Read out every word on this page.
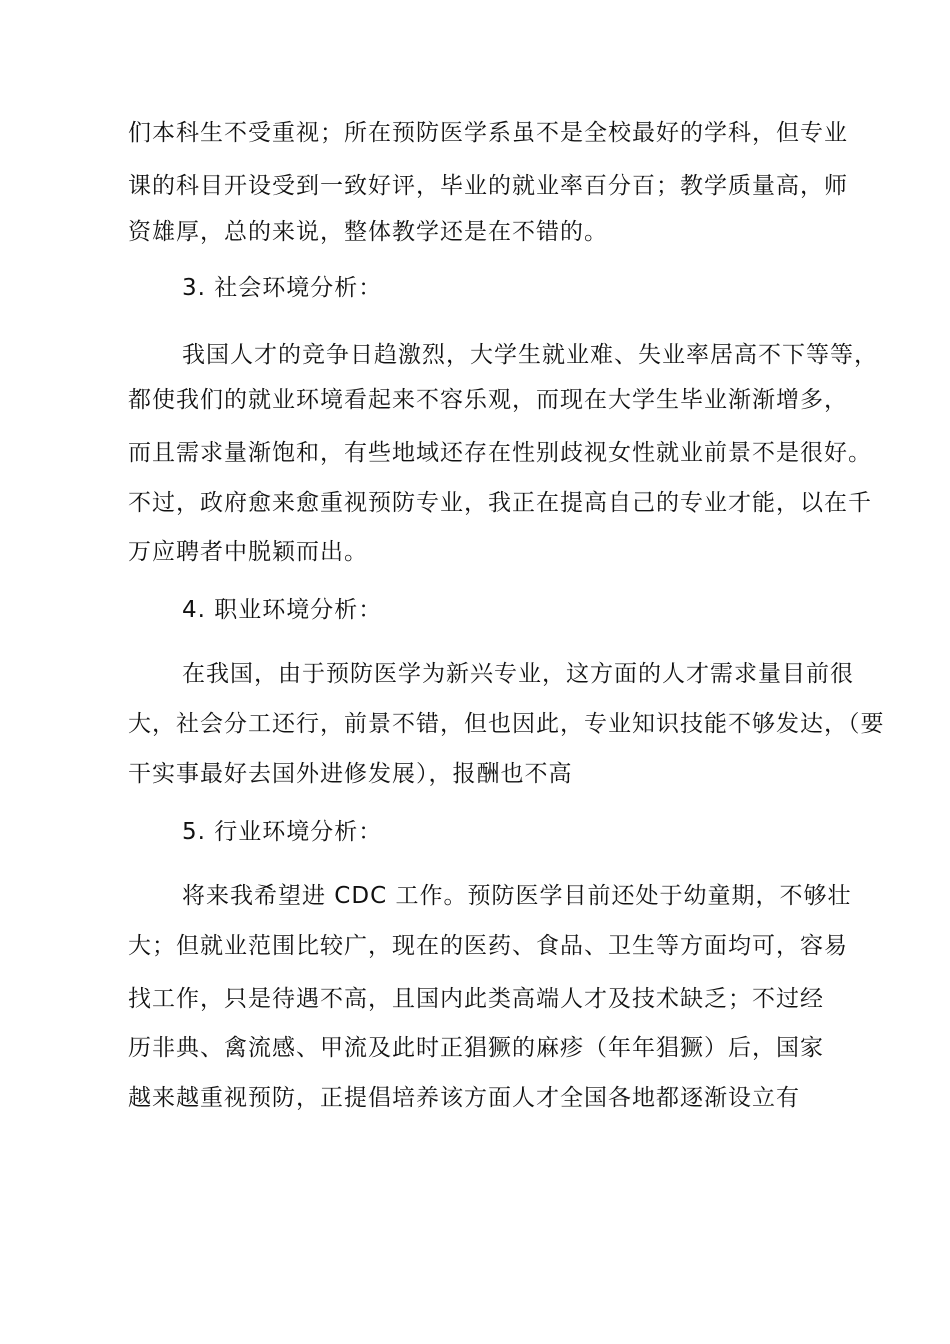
们本科生不受重视；所在预防医学系虽不是全校最好的学科，但专业
课的科目开设受到一致好评，毕业的就业率百分百；教学质量高，师
资雄厚，总的来说，整体教学还是在不错的。
3. 社会环境分析：
我国人才的竞争日趋激烈，大学生就业难、失业率居高不下等等，
都使我们的就业环境看起来不容乐观，而现在大学生毕业渐渐增多，
而且需求量渐饱和，有些地域还存在性别歧视女性就业前景不是很好。
不过，政府愈来愈重视预防专业，我正在提高自己的专业才能，以在千
万应聘者中脱颖而出。
4. 职业环境分析：
在我国，由于预防医学为新兴专业，这方面的人才需求量目前很
大，社会分工还行，前景不错，但也因此，专业知识技能不够发达，（要
干实事最好去国外进修发展），报酬也不高
5. 行业环境分析：
将来我希望进 CDC 工作。预防医学目前还处于幼童期，不够壮
大；但就业范围比较广，现在的医药、食品、卫生等方面均可，容易
找工作，只是待遇不高，且国内此类高端人才及技术缺乏；不过经
历非典、禽流感、甲流及此时正猖獗的麻疹（年年猖獗）后，国家
越来越重视预防，正提倡培养该方面人才全国各地都逐渐设立有
